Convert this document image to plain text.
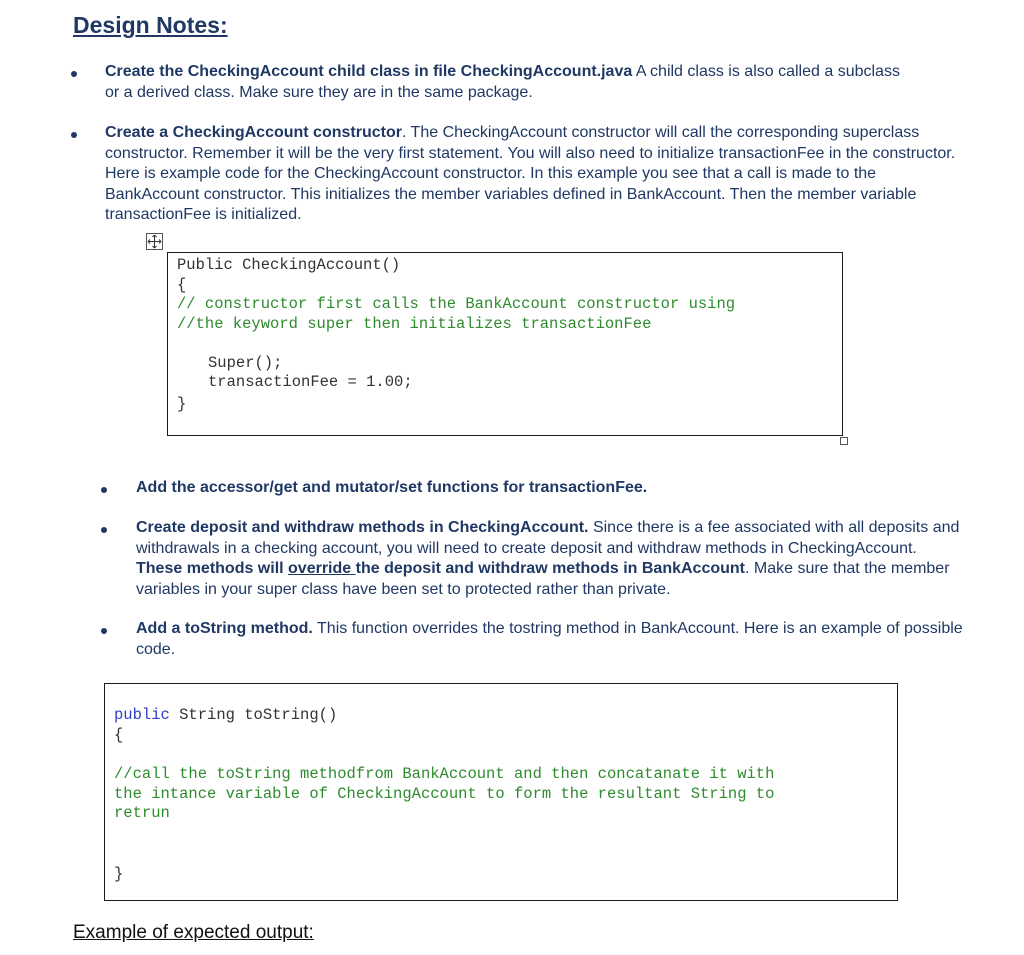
Design Notes:
Create the CheckingAccount child class in file CheckingAccount.java A child class is also called a subclass or a derived class. Make sure they are in the same package.
Create a CheckingAccount constructor. The CheckingAccount constructor will call the corresponding superclass constructor. Remember it will be the very first statement. You will also need to initialize transactionFee in the constructor. Here is example code for the CheckingAccount constructor. In this example you see that a call is made to the BankAccount constructor. This initializes the member variables defined in BankAccount. Then the member variable transactionFee is initialized.
Public CheckingAccount()
{
// constructor first calls the BankAccount constructor using
//the keyword super then initializes transactionFee
Super();
transactionFee = 1.00;
}
Add the accessor/get and mutator/set functions for transactionFee.
Create deposit and withdraw methods in CheckingAccount. Since there is a fee associated with all deposits and withdrawals in a checking account, you will need to create deposit and withdraw methods in CheckingAccount. These methods will override the deposit and withdraw methods in BankAccount. Make sure that the member variables in your super class have been set to protected rather than private.
Add a toString method. This function overrides the tostring method in BankAccount. Here is an example of possible code.
public String toString()
{
//call the toString methodfrom BankAccount and then concatanate it with
the intance variable of CheckingAccount to form the resultant String to
retrun
}
Example of expected output:
